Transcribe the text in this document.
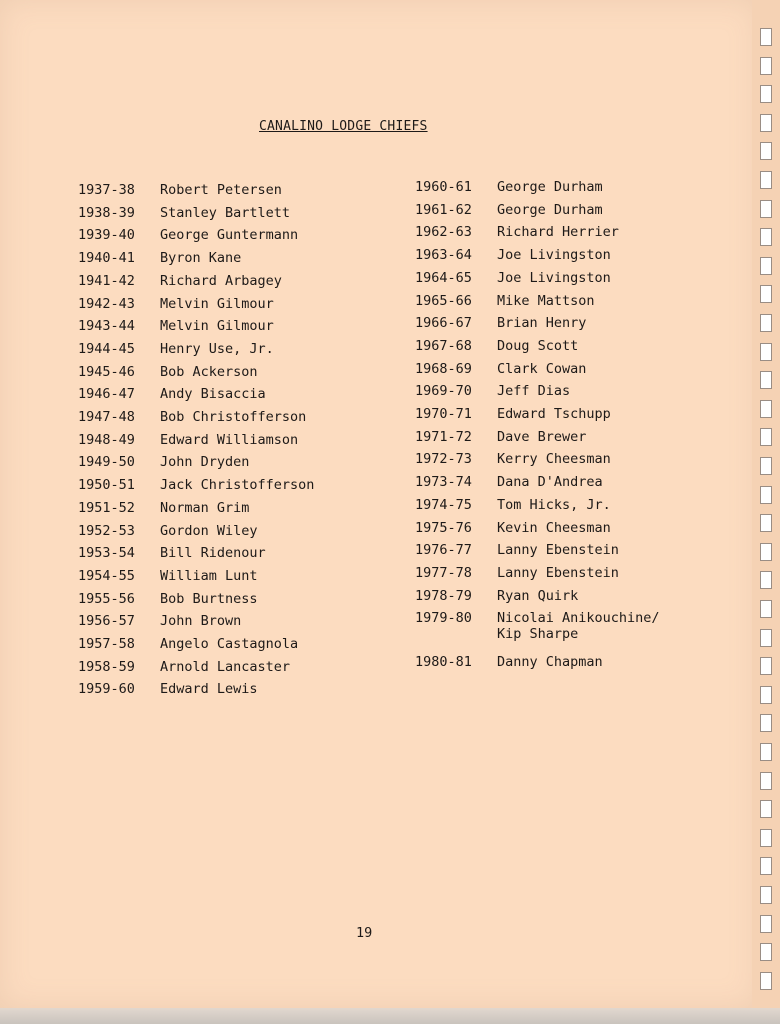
CANALINO LODGE CHIEFS
1937-38 Robert Petersen
1938-39 Stanley Bartlett
1939-40 George Guntermann
1940-41 Byron Kane
1941-42 Richard Arbagey
1942-43 Melvin Gilmour
1943-44 Melvin Gilmour
1944-45 Henry Use, Jr.
1945-46 Bob Ackerson
1946-47 Andy Bisaccia
1947-48 Bob Christofferson
1948-49 Edward Williamson
1949-50 John Dryden
1950-51 Jack Christofferson
1951-52 Norman Grim
1952-53 Gordon Wiley
1953-54 Bill Ridenour
1954-55 William Lunt
1955-56 Bob Burtness
1956-57 John Brown
1957-58 Angelo Castagnola
1958-59 Arnold Lancaster
1959-60 Edward Lewis
1960-61 George Durham
1961-62 George Durham
1962-63 Richard Herrier
1963-64 Joe Livingston
1964-65 Joe Livingston
1965-66 Mike Mattson
1966-67 Brian Henry
1967-68 Doug Scott
1968-69 Clark Cowan
1969-70 Jeff Dias
1970-71 Edward Tschupp
1971-72 Dave Brewer
1972-73 Kerry Cheesman
1973-74 Dana D'Andrea
1974-75 Tom Hicks, Jr.
1975-76 Kevin Cheesman
1976-77 Lanny Ebenstein
1977-78 Lanny Ebenstein
1978-79 Ryan Quirk
1979-80 Nicolai Anikouchine/
Kip Sharpe
1980-81 Danny Chapman
19
